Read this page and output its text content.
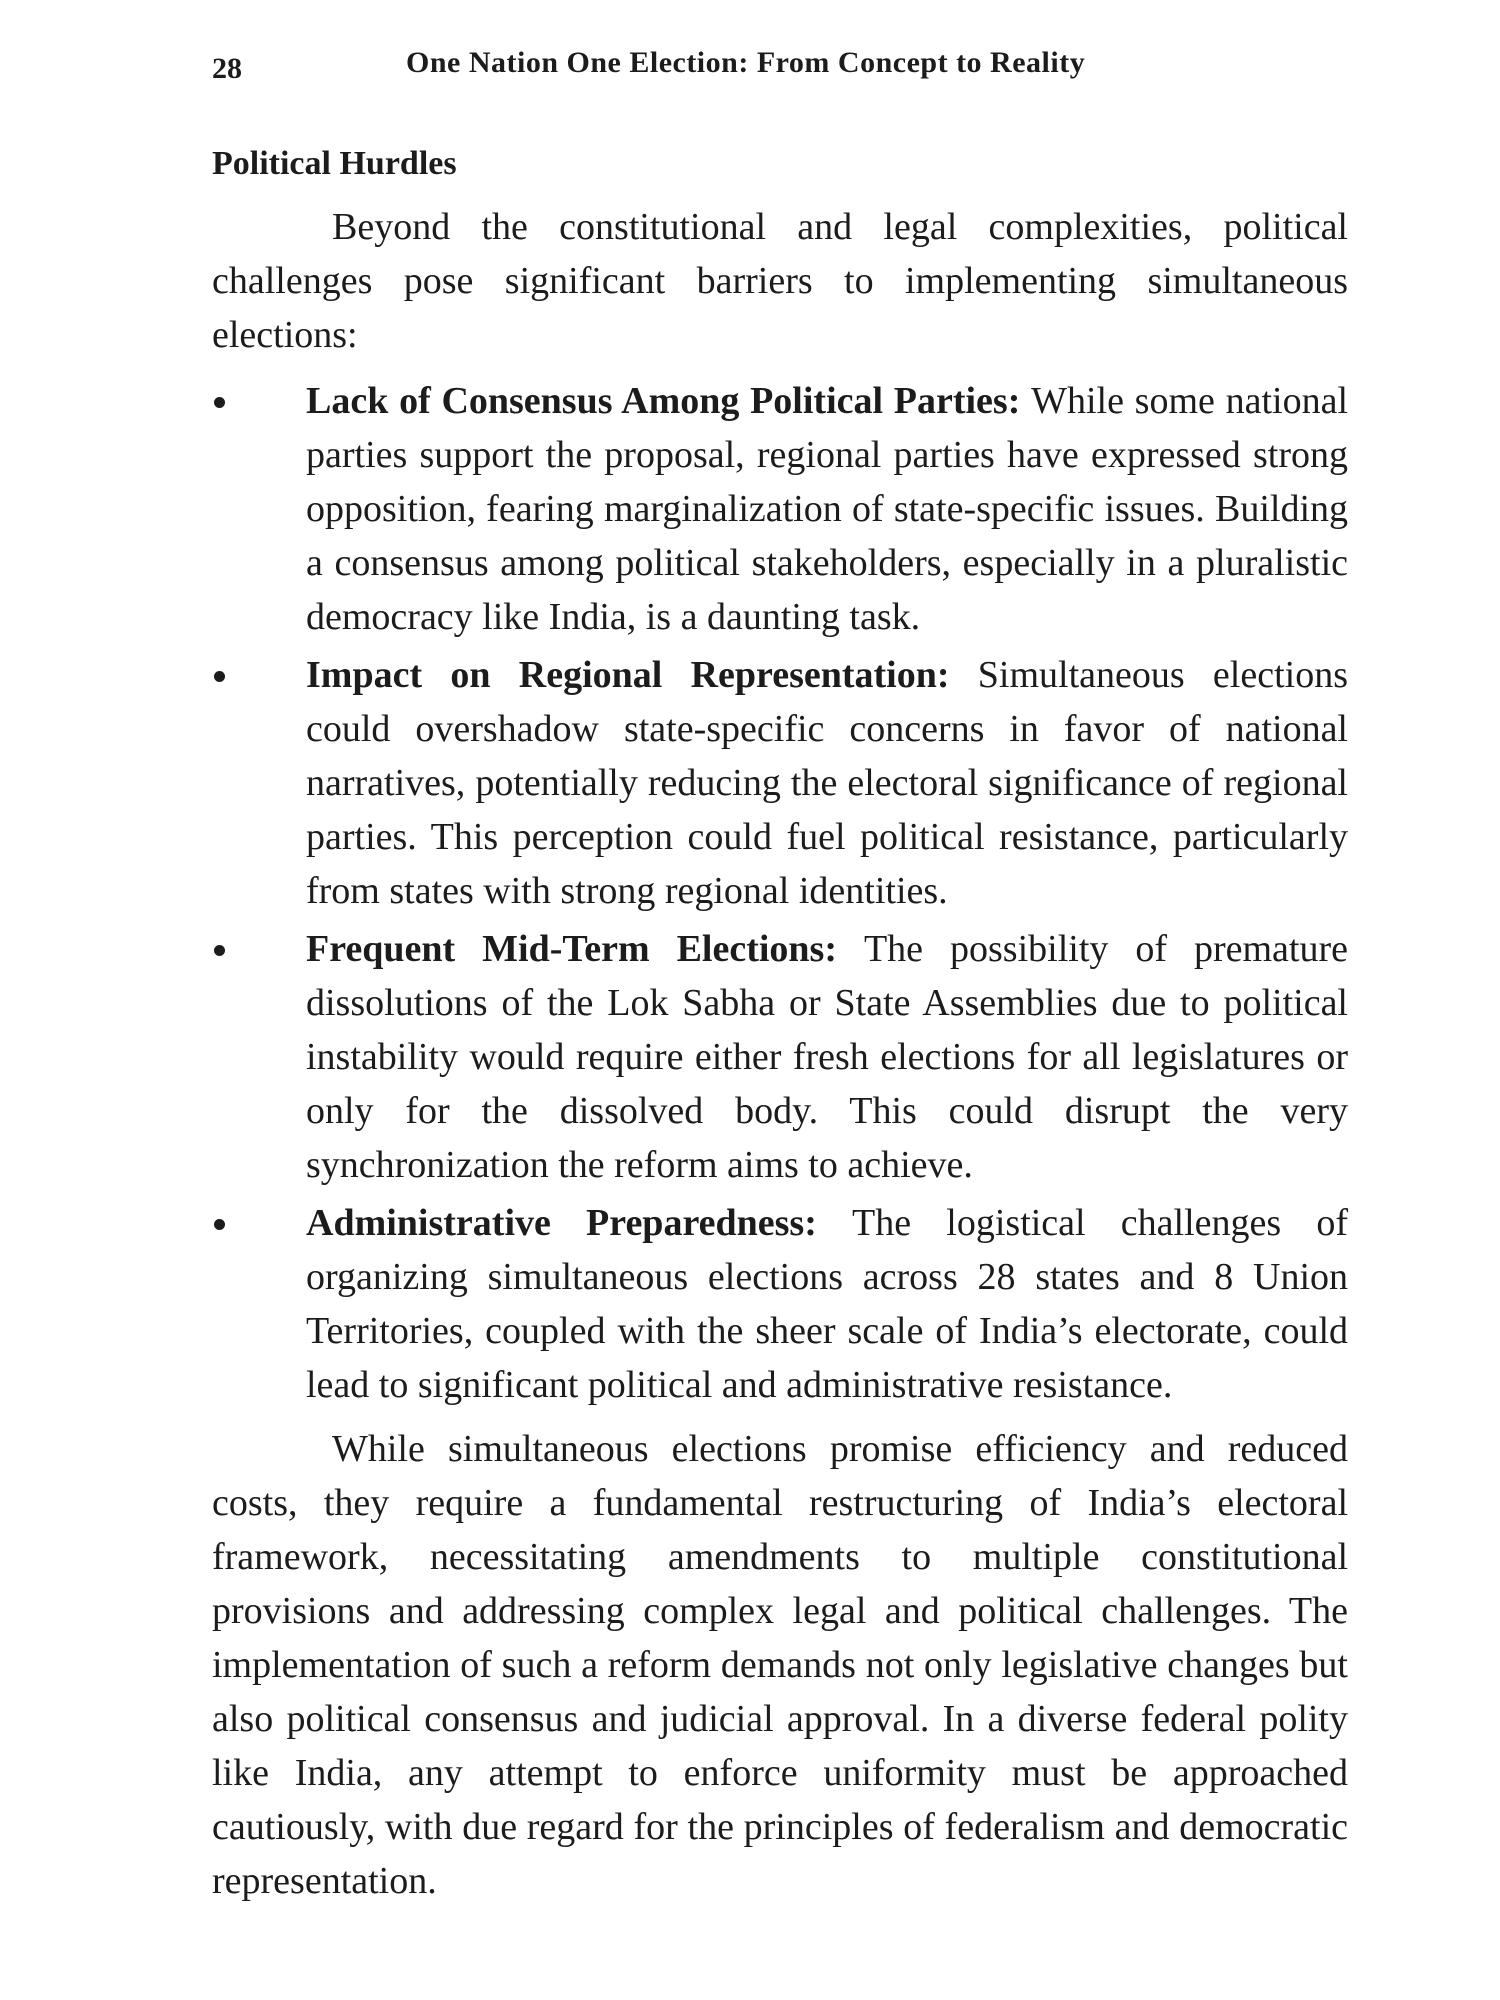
28	One Nation One Election: From Concept to Reality
Political Hurdles

Beyond the constitutional and legal complexities, political challenges pose significant barriers to implementing simultaneous elections:

Lack of Consensus Among Political Parties: While some national parties support the proposal, regional parties have expressed strong opposition, fearing marginalization of state-specific issues. Building a consensus among political stakeholders, especially in a pluralistic democracy like India, is a daunting task.
Impact on Regional Representation: Simultaneous elections could overshadow state-specific concerns in favor of national narratives, potentially reducing the electoral significance of regional parties. This perception could fuel political resistance, particularly from states with strong regional identities.
Frequent Mid-Term Elections: The possibility of premature dissolutions of the Lok Sabha or State Assemblies due to political instability would require either fresh elections for all legislatures or only for the dissolved body. This could disrupt the very synchronization the reform aims to achieve.
Administrative Preparedness: The logistical challenges of organizing simultaneous elections across 28 states and 8 Union Territories, coupled with the sheer scale of India’s electorate, could lead to significant political and administrative resistance.

While simultaneous elections promise efficiency and reduced costs, they require a fundamental restructuring of India’s electoral framework, necessitating amendments to multiple constitutional provisions and addressing complex legal and political challenges. The implementation of such a reform demands not only legislative changes but also political consensus and judicial approval. In a diverse federal polity like India, any attempt to enforce uniformity must be approached cautiously, with due regard for the principles of federalism and democratic representation.
